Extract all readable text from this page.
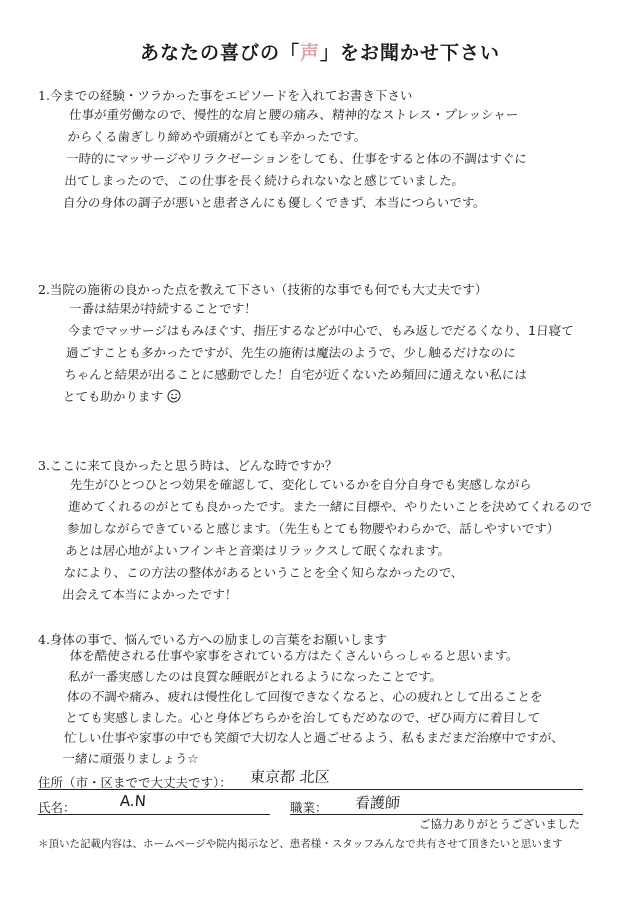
あなたの喜びの「声」をお聞かせ下さい
1.今までの経験・ツラかった事をエピソードを入れてお書き下さい
仕事が重労働なので、慢性的な肩と腰の痛み、精神的なストレス・プレッシャー
からくる歯ぎしり締めや頭痛がとても辛かったです。
一時的にマッサージやリラクゼーションをしても、仕事をすると体の不調はすぐに
出てしまったので、この仕事を長く続けられないなと感じていました。
自分の身体の調子が悪いと患者さんにも優しくできず、本当につらいです。
2.当院の施術の良かった点を教えて下さい（技術的な事でも何でも大丈夫です）
一番は結果が持続することです！
今までマッサージはもみほぐす、指圧するなどが中心で、もみ返しでだるくなり、1日寝て
過ごすことも多かったですが、先生の施術は魔法のようで、少し触るだけなのに
ちゃんと結果が出ることに感動でした！自宅が近くないため頻回に通えない私には
とても助かります
3.ここに来て良かったと思う時は、どんな時ですか？
先生がひとつひとつ効果を確認して、変化しているかを自分自身でも実感しながら
進めてくれるのがとても良かったです。また一緒に目標や、やりたいことを決めてくれるので
参加しながらできていると感じます。（先生もとても物腰やわらかで、話しやすいです）
あとは居心地がよいフインキと音楽はリラックスして眠くなれます。
なにより、この方法の整体があるということを全く知らなかったので、
出会えて本当によかったです！
4.身体の事で、悩んでいる方への励ましの言葉をお願いします
体を酷使される仕事や家事をされている方はたくさんいらっしゃると思います。
私が一番実感したのは良質な睡眠がとれるようになったことです。
体の不調や痛み、疲れは慢性化して回復できなくなると、心の疲れとして出ることを
とても実感しました。心と身体どちらかを治してもだめなので、ぜひ両方に着目して
忙しい仕事や家事の中でも笑顔で大切な人と過ごせるよう、私もまだまだ治療中ですが、
一緒に頑張りましょう☆
住所（市・区までで大丈夫です）： 東京都 北区
氏名：	A.N	職業： 看護師
ご協力ありがとうございました
＊頂いた記載内容は、ホームページや院内掲示など、患者様・スタッフみんなで共有させて頂きたいと思います
